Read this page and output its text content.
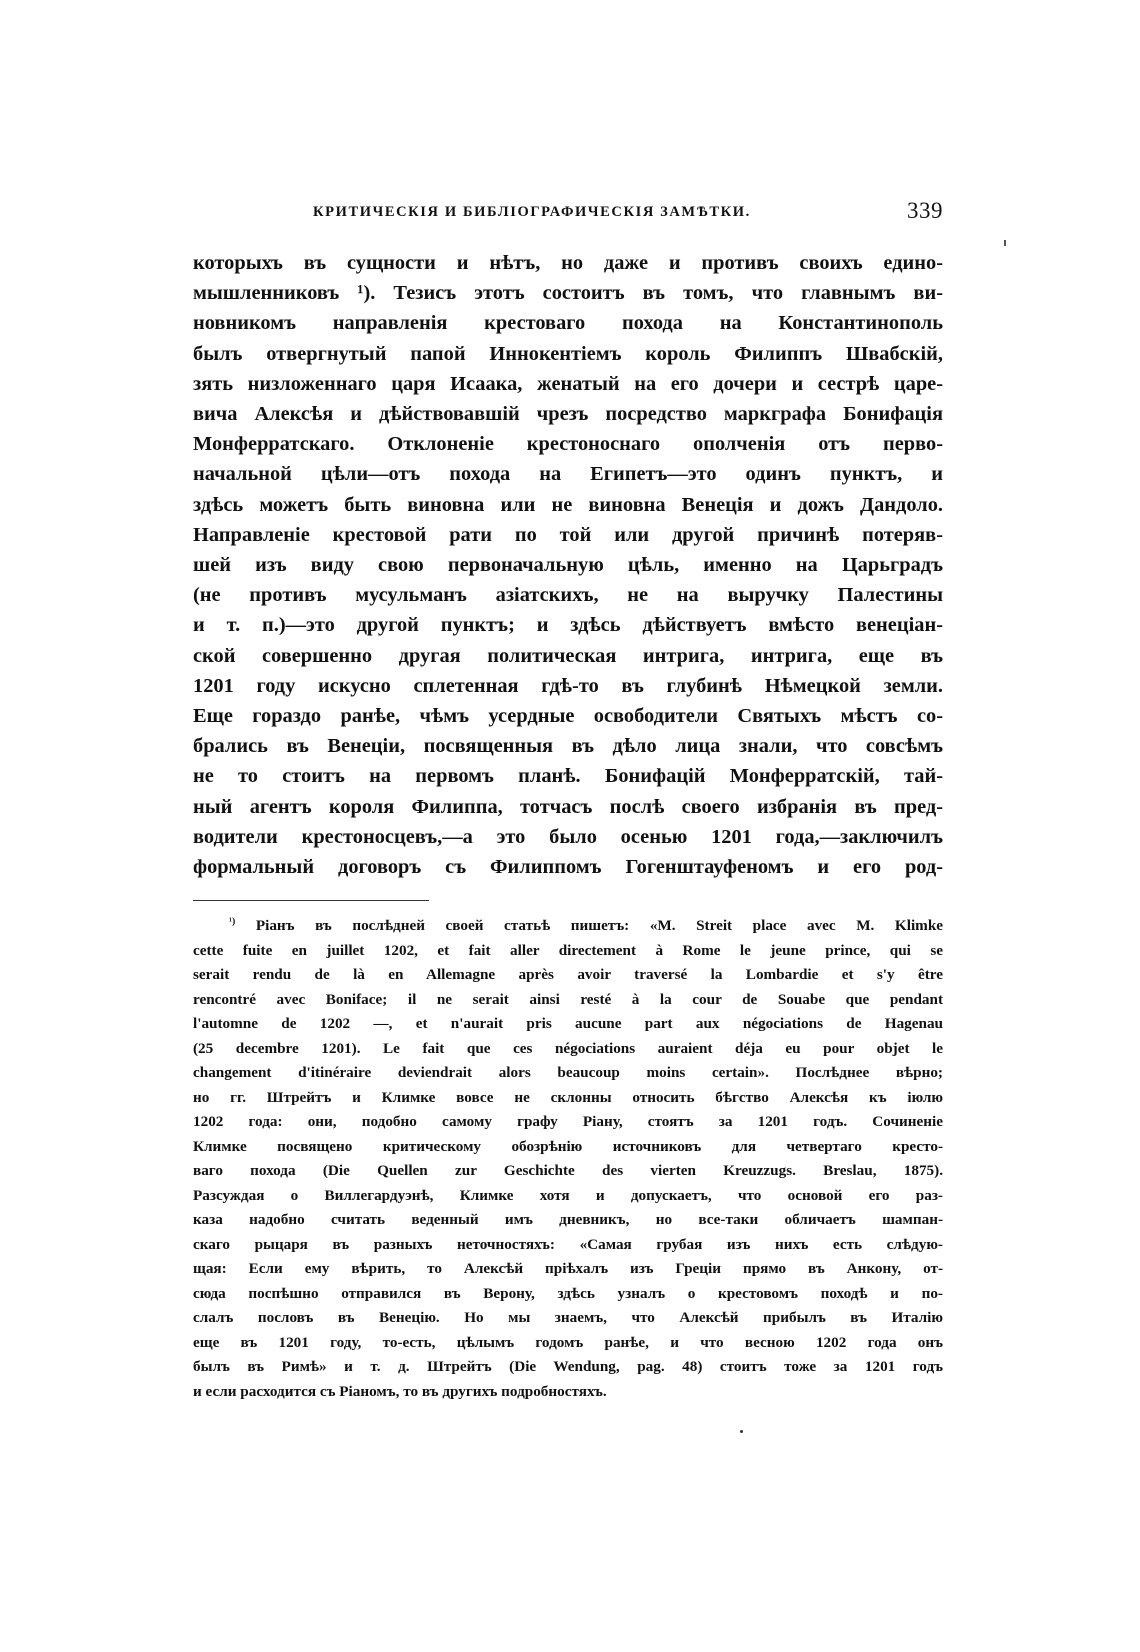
КРИТИЧЕСКІЯ И БИБЛІОГРАФИЧЕСКІЯ ЗАМѢТКИ.	339
которыхъ въ сущности и нѣтъ, но даже и противъ своихъ едино-
мышленниковъ ¹). Тезисъ этотъ состоитъ въ томъ, что главнымъ ви-
новникомъ направленія крестоваго похода на Константинополь
былъ отвергнутый папой Иннокентіемъ король Филиппъ Швабскій,
зять низложеннаго царя Исаака, женатый на его дочери и сестрѣ царе-
вича Алексѣя и дѣйствовавшій чрезъ посредство маркграфа Бонифація
Монферратскаго. Отклоненіе крестоноснаго ополченія отъ перво-
начальной цѣли—отъ похода на Египетъ—это одинъ пунктъ, и
здѣсь можетъ быть виновна или не виновна Венеція и дожъ Дандоло.
Направленіе крестовой рати по той или другой причинѣ потеряв-
шей изъ виду свою первоначальную цѣль, именно на Царьградъ
(не противъ мусульманъ азіатскихъ, не на выручку Палестины
и т. п.)—это другой пунктъ; и здѣсь дѣйствуетъ вмѣсто венеціан-
ской совершенно другая политическая интрига, интрига, еще въ
1201 году искусно сплетенная гдѣ-то въ глубинѣ Нѣмецкой земли.
Еще гораздо ранѣе, чѣмъ усердные освободители Святыхъ мѣстъ со-
брались въ Венеціи, посвященныя въ дѣло лица знали, что совсѣмъ
не то стоитъ на первомъ планѣ. Бонифацій Монферратскій, тай-
ный агентъ короля Филиппа, тотчасъ послѣ своего избранія въ пред-
водители крестоносцевъ,—а это было осенью 1201 года,—заключилъ
формальный договоръ съ Филиппомъ Гогенштауфеномъ и его род-
$^{^1)}$ Ріанъ въ послѣдней своей статьѣ пишетъ: «M. Streit place avec M. Klimke
cette fuite en juillet 1202, et fait aller directement à Rome le jeune prince, qui se
serait rendu de là en Allemagne après avoir traversé la Lombardie et s'y être
rencontré avec Boniface; il ne serait ainsi resté à la cour de Souabe que pendant
l'automne de 1202 —, et n'aurait pris aucune part aux négociations de Hagenau
(25 decembre 1201). Le fait que ces négociations auraient déja eu pour objet le
changement d'itinéraire deviendrait alors beaucoup moins certain». Послѣднее вѣрно;
но гг. Штрейтъ и Климке вовсе не склонны относить бѣгство Алексѣя къ іюлю
1202 года: они, подобно самому графу Ріану, стоятъ за 1201 годъ. Сочиненіе
Климке посвящено критическому обозрѣнію источниковъ для четвертаго кресто-
ваго похода (Die Quellen zur Geschichte des vierten Kreuzzugs. Breslau, 1875).
Разсуждая о Виллегардуэнѣ, Климке хотя и допускаетъ, что основой его раз-
каза надобно считать веденный имъ дневникъ, но все-таки обличаетъ шампан-
скаго рыцаря въ разныхъ неточностяхъ: «Самая грубая изъ нихъ есть слѣдую-
щая: Если ему вѣрить, то Алексѣй пріѣхалъ изъ Греціи прямо въ Анкону, от-
сюда поспѣшно отправился въ Верону, здѣсь узналъ о крестовомъ походѣ и по-
слалъ пословъ въ Венецію. Но мы знаемъ, что Алексѣй прибылъ въ Италію
еще въ 1201 году, то-есть, цѣлымъ годомъ ранѣе, и что весною 1202 года онъ
былъ въ Римѣ» и т. д. Штрейтъ (Die Wendung, pag. 48) стоитъ тоже за 1201 годъ
и если расходится съ Ріаномъ, то въ другихъ подробностяхъ.
